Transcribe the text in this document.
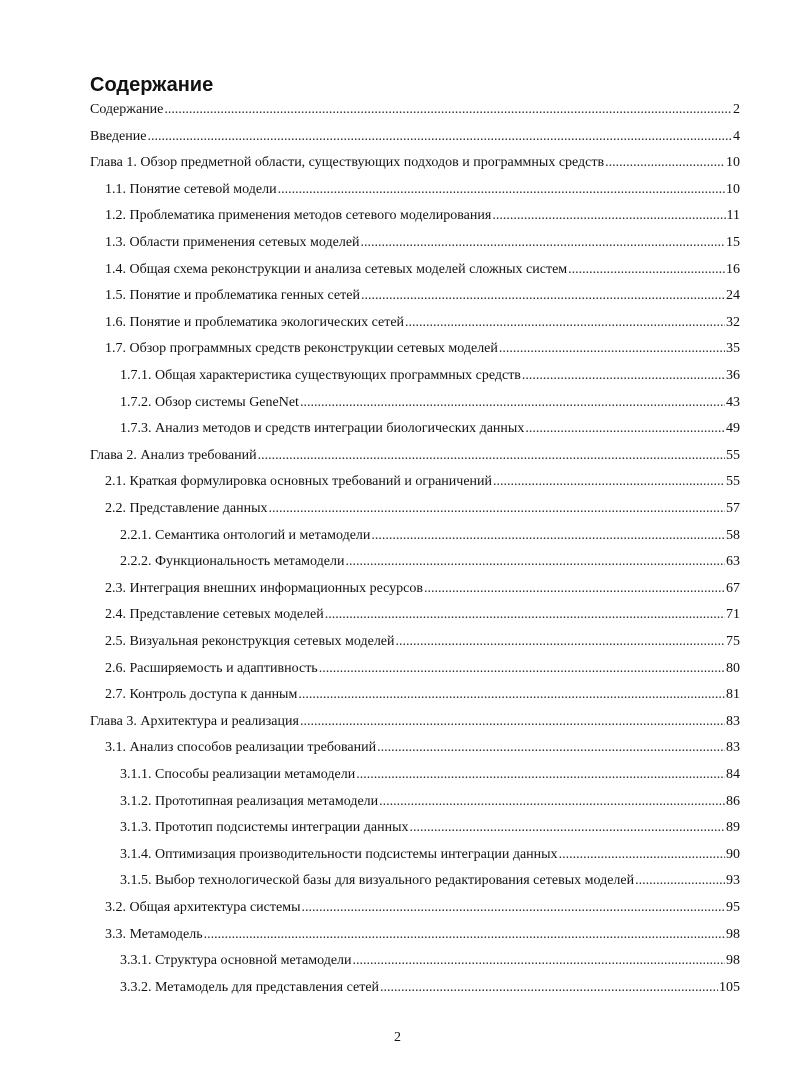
Содержание
Содержание .....	2
Введение .....	4
Глава 1. Обзор предметной области, существующих подходов и программных средств .....	10
1.1. Понятие сетевой модели .....	10
1.2. Проблематика применения методов сетевого моделирования .....	11
1.3. Области применения сетевых моделей .....	15
1.4. Общая схема реконструкции и анализа сетевых моделей сложных систем .....	16
1.5. Понятие и проблематика генных сетей .....	24
1.6. Понятие и проблематика экологических сетей .....	32
1.7. Обзор программных средств реконструкции сетевых моделей .....	35
1.7.1. Общая характеристика существующих программных средств .....	36
1.7.2. Обзор системы GeneNet .....	43
1.7.3. Анализ методов и средств интеграции биологических данных .....	49
Глава 2. Анализ требований .....	55
2.1. Краткая формулировка основных требований и ограничений .....	55
2.2. Представление данных .....	57
2.2.1. Семантика онтологий и метамодели .....	58
2.2.2. Функциональность метамодели .....	63
2.3. Интеграция внешних информационных ресурсов .....	67
2.4. Представление сетевых моделей .....	71
2.5. Визуальная реконструкция сетевых моделей .....	75
2.6. Расширяемость и адаптивность .....	80
2.7. Контроль доступа к данным .....	81
Глава 3. Архитектура и реализация .....	83
3.1. Анализ способов реализации требований .....	83
3.1.1. Способы реализации метамодели .....	84
3.1.2. Прототипная реализация метамодели .....	86
3.1.3. Прототип подсистемы интеграции данных .....	89
3.1.4. Оптимизация производительности подсистемы интеграции данных .....	90
3.1.5. Выбор технологической базы для визуального редактирования сетевых моделей .....	93
3.2. Общая архитектура системы .....	95
3.3. Метамодель .....	98
3.3.1. Структура основной метамодели .....	98
3.3.2. Метамодель для представления сетей .....	105
2
